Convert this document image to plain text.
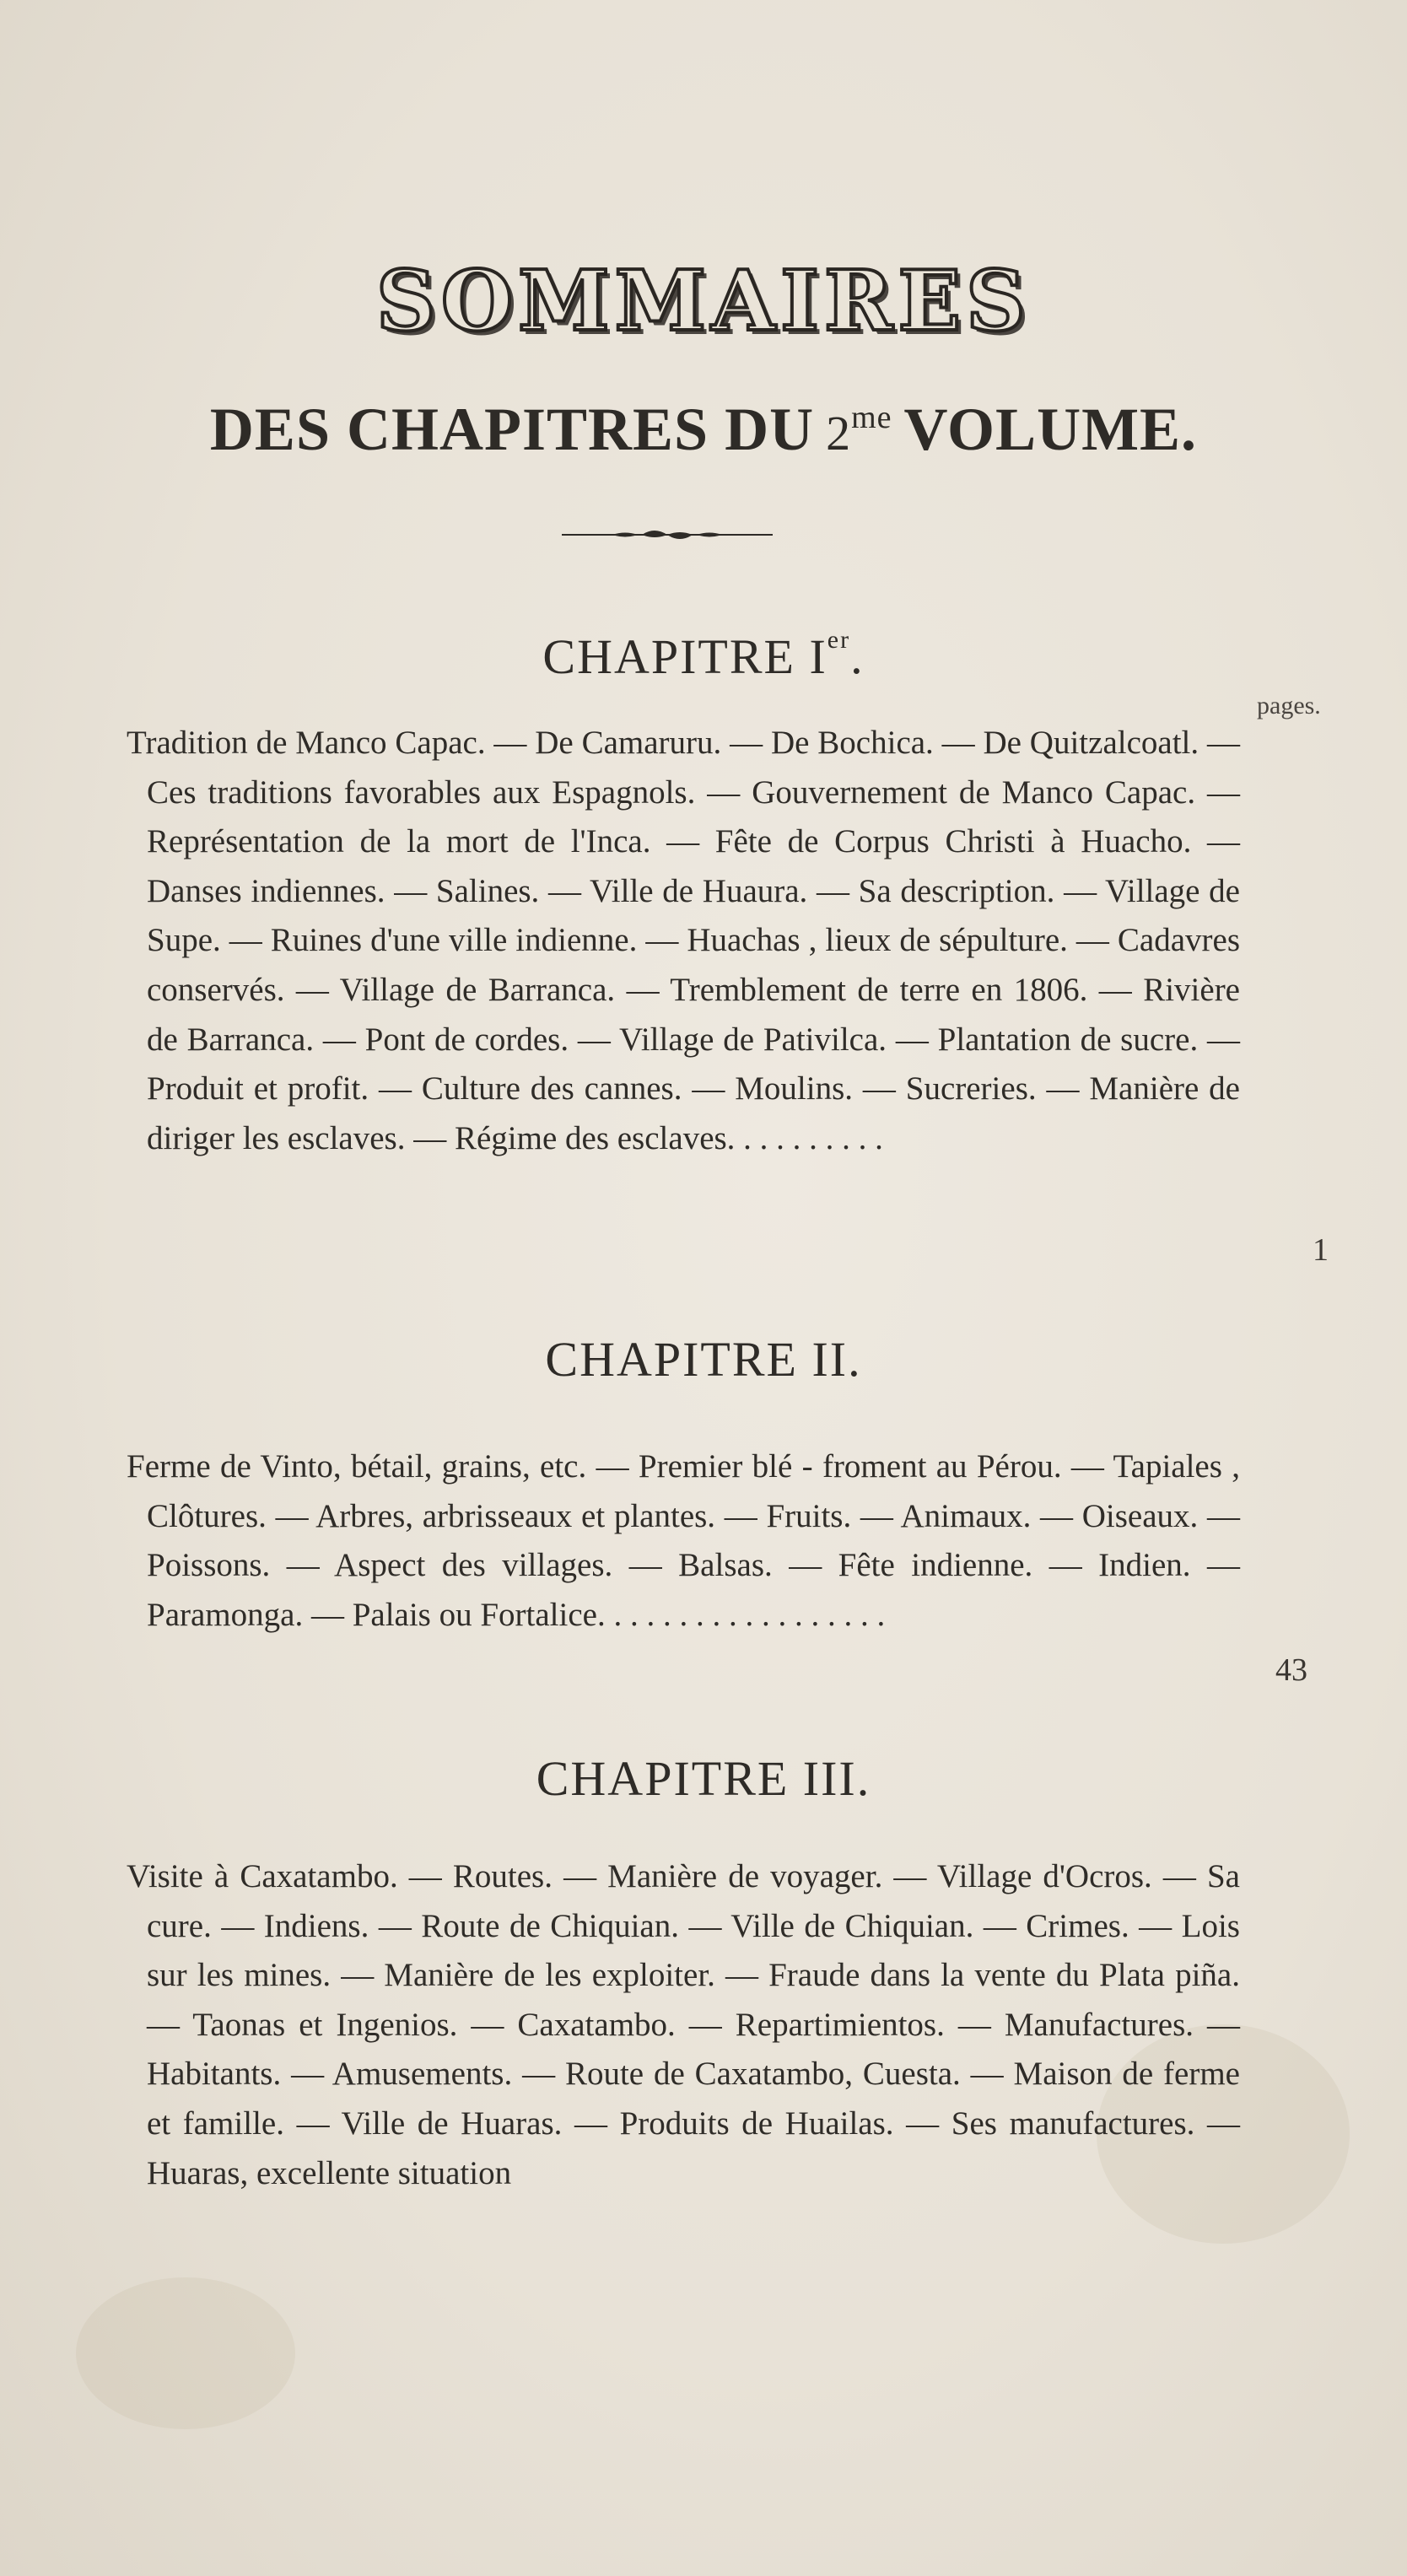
SOMMAIRES
DES CHAPITRES DU $2^{me}$ VOLUME.
CHAPITRE Ier.
pages.
Tradition de Manco Capac. — De Camaruru. — De Bochica. — De Quitzalcoatl. — Ces traditions favorables aux Espagnols. — Gouvernement de Manco Capac. — Représentation de la mort de l'Inca. — Fête de Corpus Christi à Huacho. — Danses indiennes. — Salines. — Ville de Huaura. — Sa description. — Village de Supe. — Ruines d'une ville indienne. — Huachas , lieux de sépulture. — Cadavres conservés. — Village de Barranca. — Tremblement de terre en 1806. — Rivière de Barranca. — Pont de cordes. — Village de Pativilca. — Plantation de sucre. — Produit et profit. — Culture des cannes. — Moulins. — Sucreries. — Manière de diriger les esclaves. — Régime des esclaves. . . . . . . . . .
1
CHAPITRE II.
Ferme de Vinto, bétail, grains, etc. — Premier blé - froment au Pérou. — Tapiales , Clôtures. — Arbres, arbrisseaux et plantes. — Fruits. — Animaux. — Oiseaux. — Poissons. — Aspect des villages. — Balsas. — Fête indienne. — Indien. — Paramonga. — Palais ou Fortalice. . . . . . . . . . . . . . . . . .
43
CHAPITRE III.
Visite à Caxatambo. — Routes. — Manière de voyager. — Village d'Ocros. — Sa cure. — Indiens. — Route de Chiquian. — Ville de Chiquian. — Crimes. — Lois sur les mines. — Manière de les exploiter. — Fraude dans la vente du Plata piña. — Taonas et Ingenios. — Caxatambo. — Repartimientos. — Manufactures. — Habitants. — Amusements. — Route de Caxatambo, Cuesta. — Maison de ferme et famille. — Ville de Huaras. — Produits de Huailas. — Ses manufactures. — Huaras, excellente situation
